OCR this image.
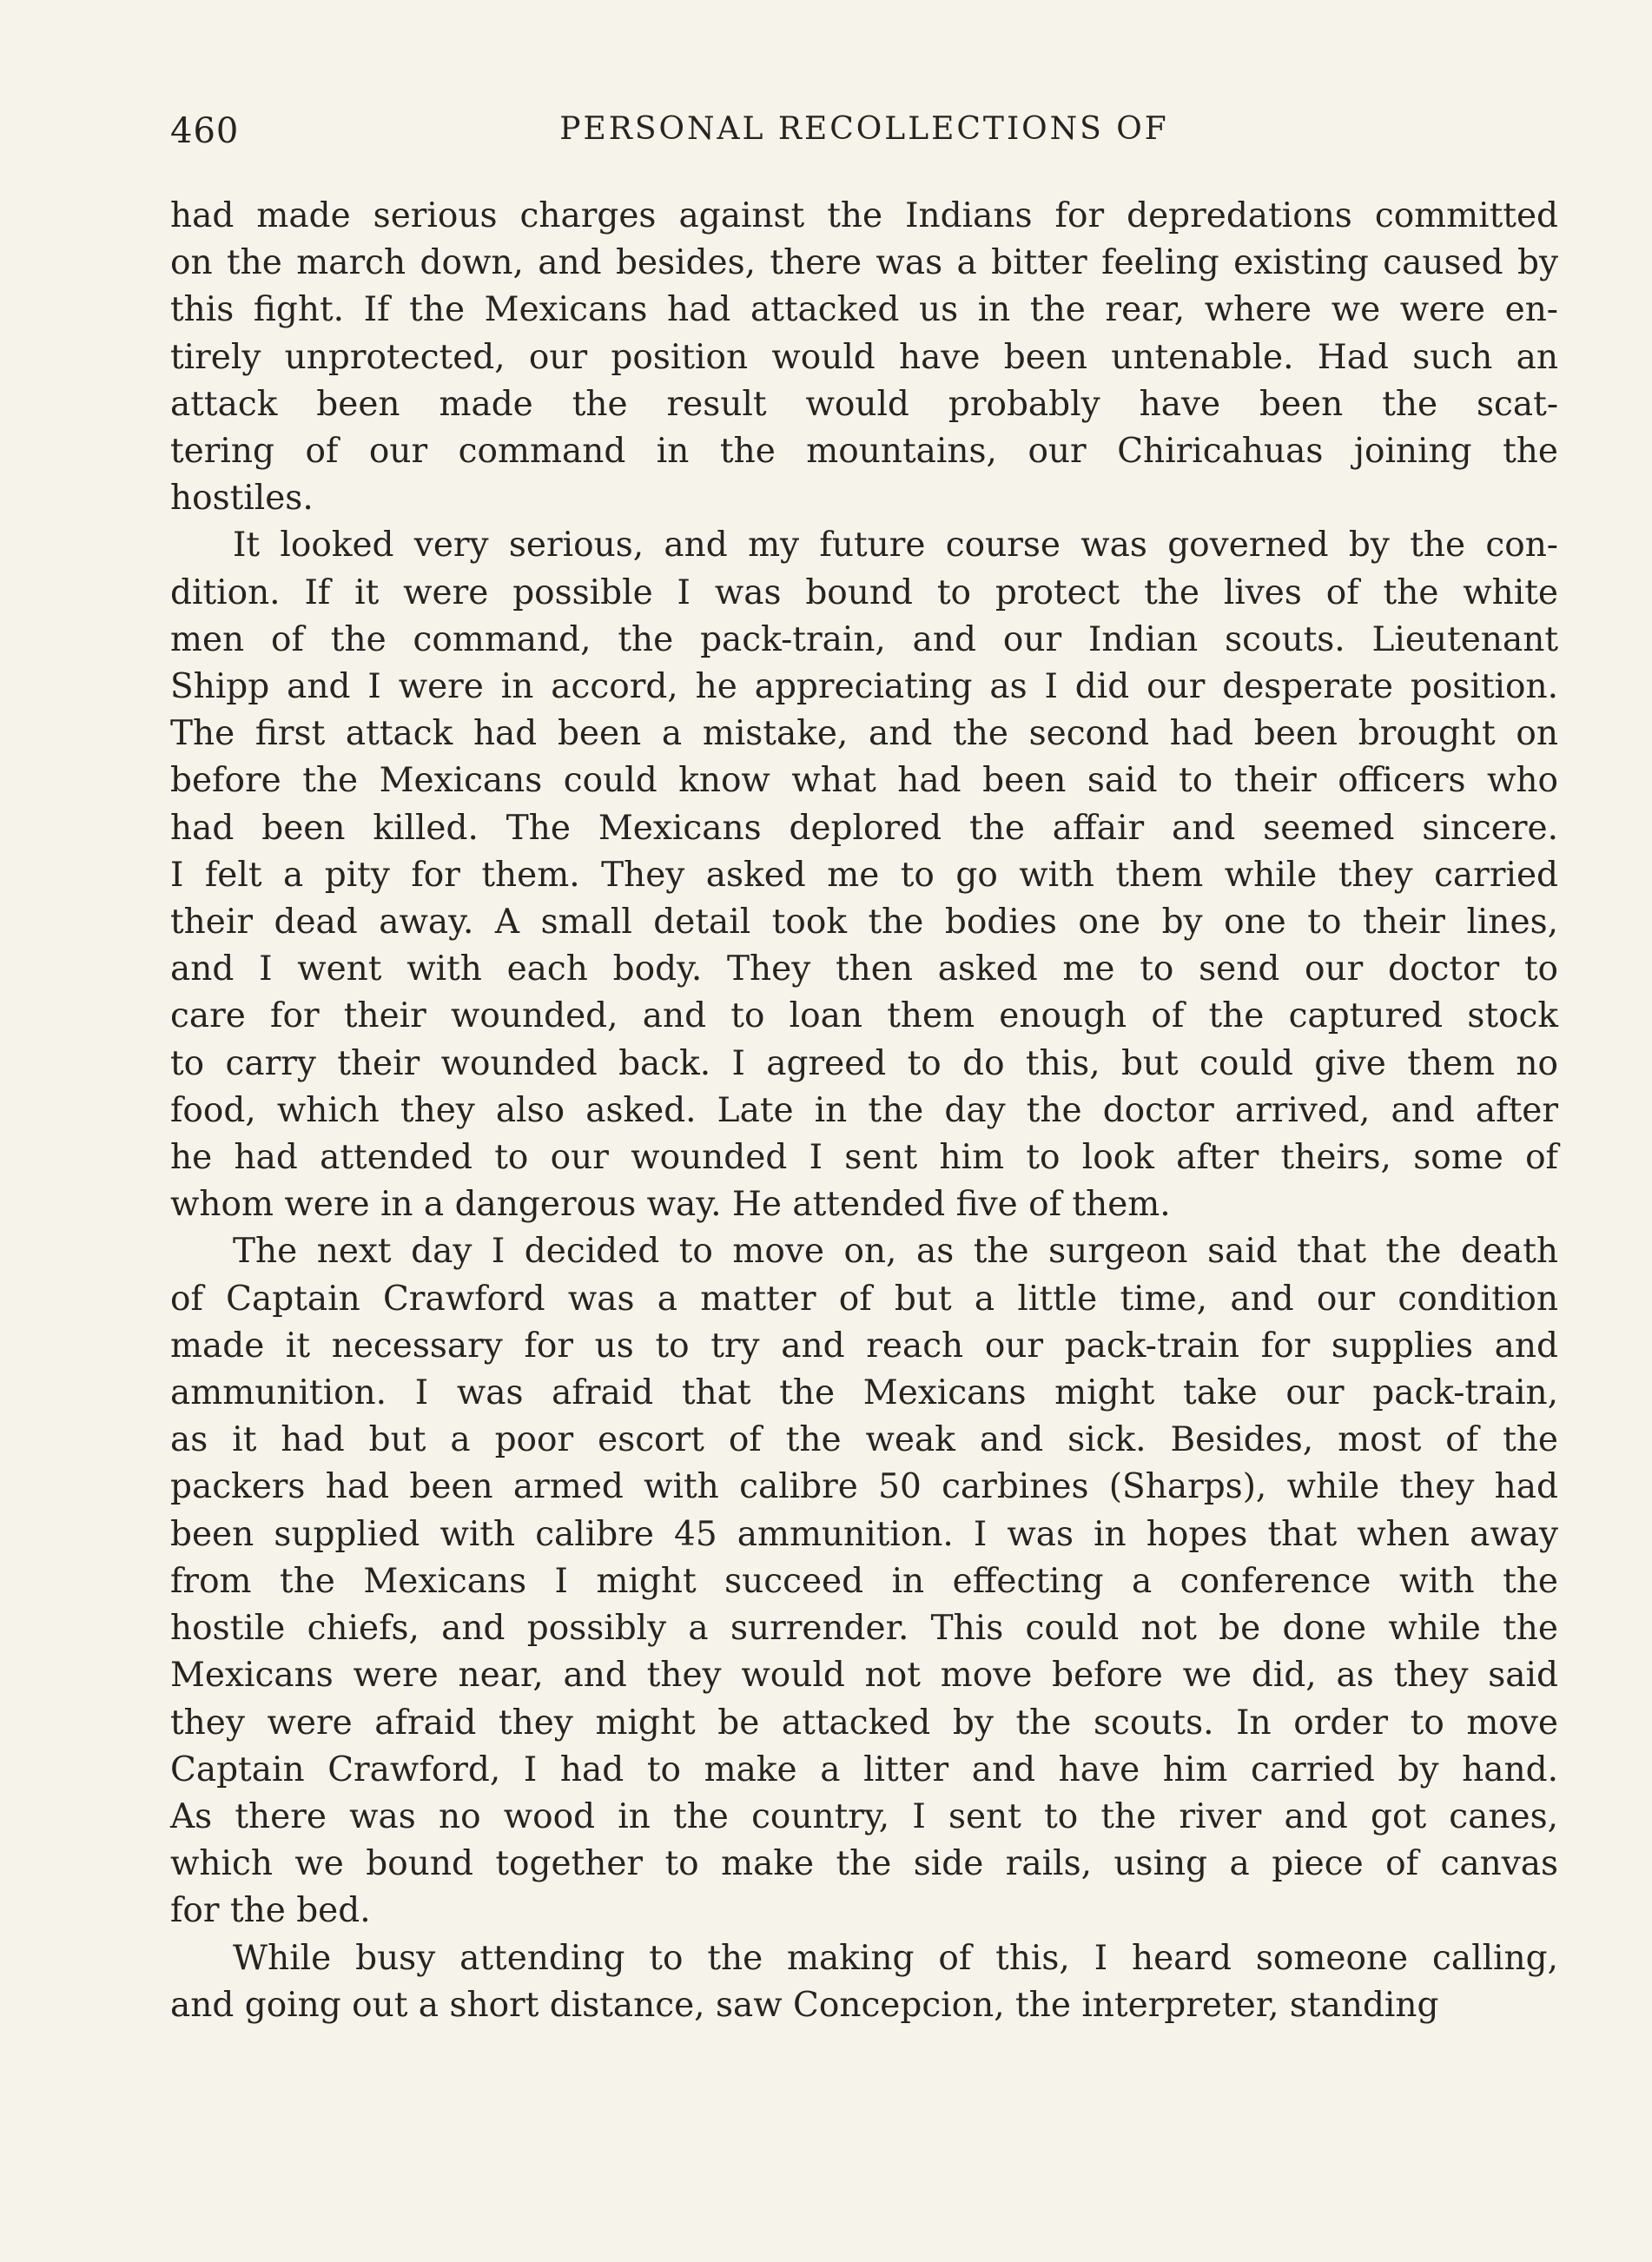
460	PERSONAL RECOLLECTIONS OF

had made serious charges against the Indians for depredations committed
on the march down, and besides, there was a bitter feeling existing caused by
this fight. If the Mexicans had attacked us in the rear, where we were en-
tirely unprotected, our position would have been untenable. Had such an
attack been made the result would probably have been the scat-
tering of our command in the mountains, our Chiricahuas joining the
hostiles.

It looked very serious, and my future course was governed by the con-
dition. If it were possible I was bound to protect the lives of the white
men of the command, the pack-train, and our Indian scouts. Lieutenant
Shipp and I were in accord, he appreciating as I did our desperate position.
The first attack had been a mistake, and the second had been brought on
before the Mexicans could know what had been said to their officers who
had been killed. The Mexicans deplored the affair and seemed sincere.
I felt a pity for them. They asked me to go with them while they carried
their dead away. A small detail took the bodies one by one to their lines,
and I went with each body. They then asked me to send our doctor to
care for their wounded, and to loan them enough of the captured stock
to carry their wounded back. I agreed to do this, but could give them no
food, which they also asked. Late in the day the doctor arrived, and after
he had attended to our wounded I sent him to look after theirs, some of
whom were in a dangerous way. He attended five of them.

The next day I decided to move on, as the surgeon said that the death
of Captain Crawford was a matter of but a little time, and our condition
made it necessary for us to try and reach our pack-train for supplies and
ammunition. I was afraid that the Mexicans might take our pack-train,
as it had but a poor escort of the weak and sick. Besides, most of the
packers had been armed with calibre 50 carbines (Sharps), while they had
been supplied with calibre 45 ammunition. I was in hopes that when away
from the Mexicans I might succeed in effecting a conference with the
hostile chiefs, and possibly a surrender. This could not be done while the
Mexicans were near, and they would not move before we did, as they said
they were afraid they might be attacked by the scouts. In order to move
Captain Crawford, I had to make a litter and have him carried by hand.
As there was no wood in the country, I sent to the river and got canes,
which we bound together to make the side rails, using a piece of canvas
for the bed.

While busy attending to the making of this, I heard someone calling,
and going out a short distance, saw Concepcion, the interpreter, standing
